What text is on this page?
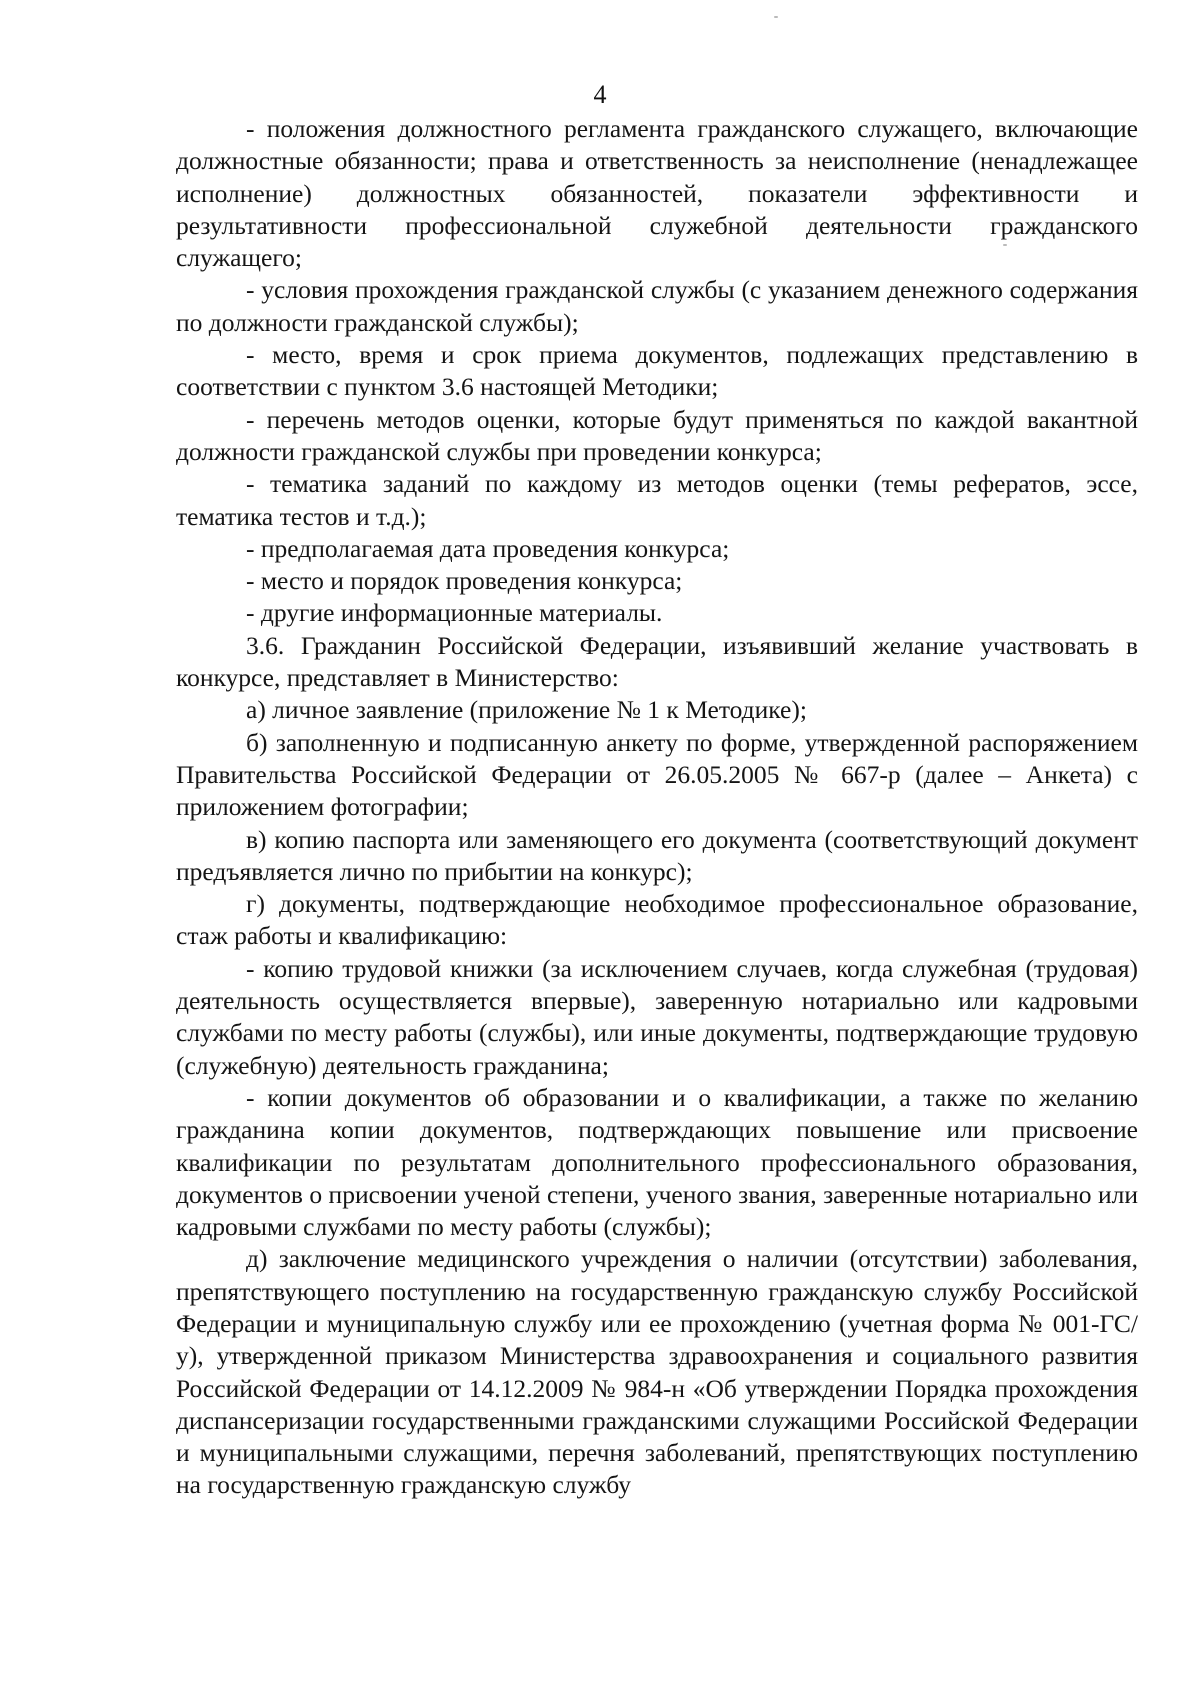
4

- положения должностного регламента гражданского служащего, включающие должностные обязанности; права и ответственность за неисполнение (ненадлежащее исполнение) должностных обязанностей, показатели эффективности и результативности профессиональной служебной деятельности гражданского служащего;

- условия прохождения гражданской службы (с указанием денежного содержания по должности гражданской службы);

- место, время и срок приема документов, подлежащих представлению в соответствии с пунктом 3.6 настоящей Методики;

- перечень методов оценки, которые будут применяться по каждой вакантной должности гражданской службы при проведении конкурса;

- тематика заданий по каждому из методов оценки (темы рефератов, эссе, тематика тестов и т.д.);

- предполагаемая дата проведения конкурса;

- место и порядок проведения конкурса;

- другие информационные материалы.

3.6. Гражданин Российской Федерации, изъявивший желание участвовать в конкурсе, представляет в Министерство:

а) личное заявление (приложение № 1 к Методике);

б) заполненную и подписанную анкету по форме, утвержденной распоряжением Правительства Российской Федерации от 26.05.2005 № 667-р (далее – Анкета) с приложением фотографии;

в) копию паспорта или заменяющего его документа (соответствующий документ предъявляется лично по прибытии на конкурс);

г) документы, подтверждающие необходимое профессиональное образование, стаж работы и квалификацию:

- копию трудовой книжки (за исключением случаев, когда служебная (трудовая) деятельность осуществляется впервые), заверенную нотариально или кадровыми службами по месту работы (службы), или иные документы, подтверждающие трудовую (служебную) деятельность гражданина;

- копии документов об образовании и о квалификации, а также по желанию гражданина копии документов, подтверждающих повышение или присвоение квалификации по результатам дополнительного профессионального образования, документов о присвоении ученой степени, ученого звания, заверенные нотариально или кадровыми службами по месту работы (службы);

д) заключение медицинского учреждения о наличии (отсутствии) заболевания, препятствующего поступлению на государственную гражданскую службу Российской Федерации и муниципальную службу или ее прохождению (учетная форма № 001-ГС/у), утвержденной приказом Министерства здравоохранения и социального развития Российской Федерации от 14.12.2009 № 984-н «Об утверждении Порядка прохождения диспансеризации государственными гражданскими служащими Российской Федерации и муниципальными служащими, перечня заболеваний, препятствующих поступлению на государственную гражданскую службу
